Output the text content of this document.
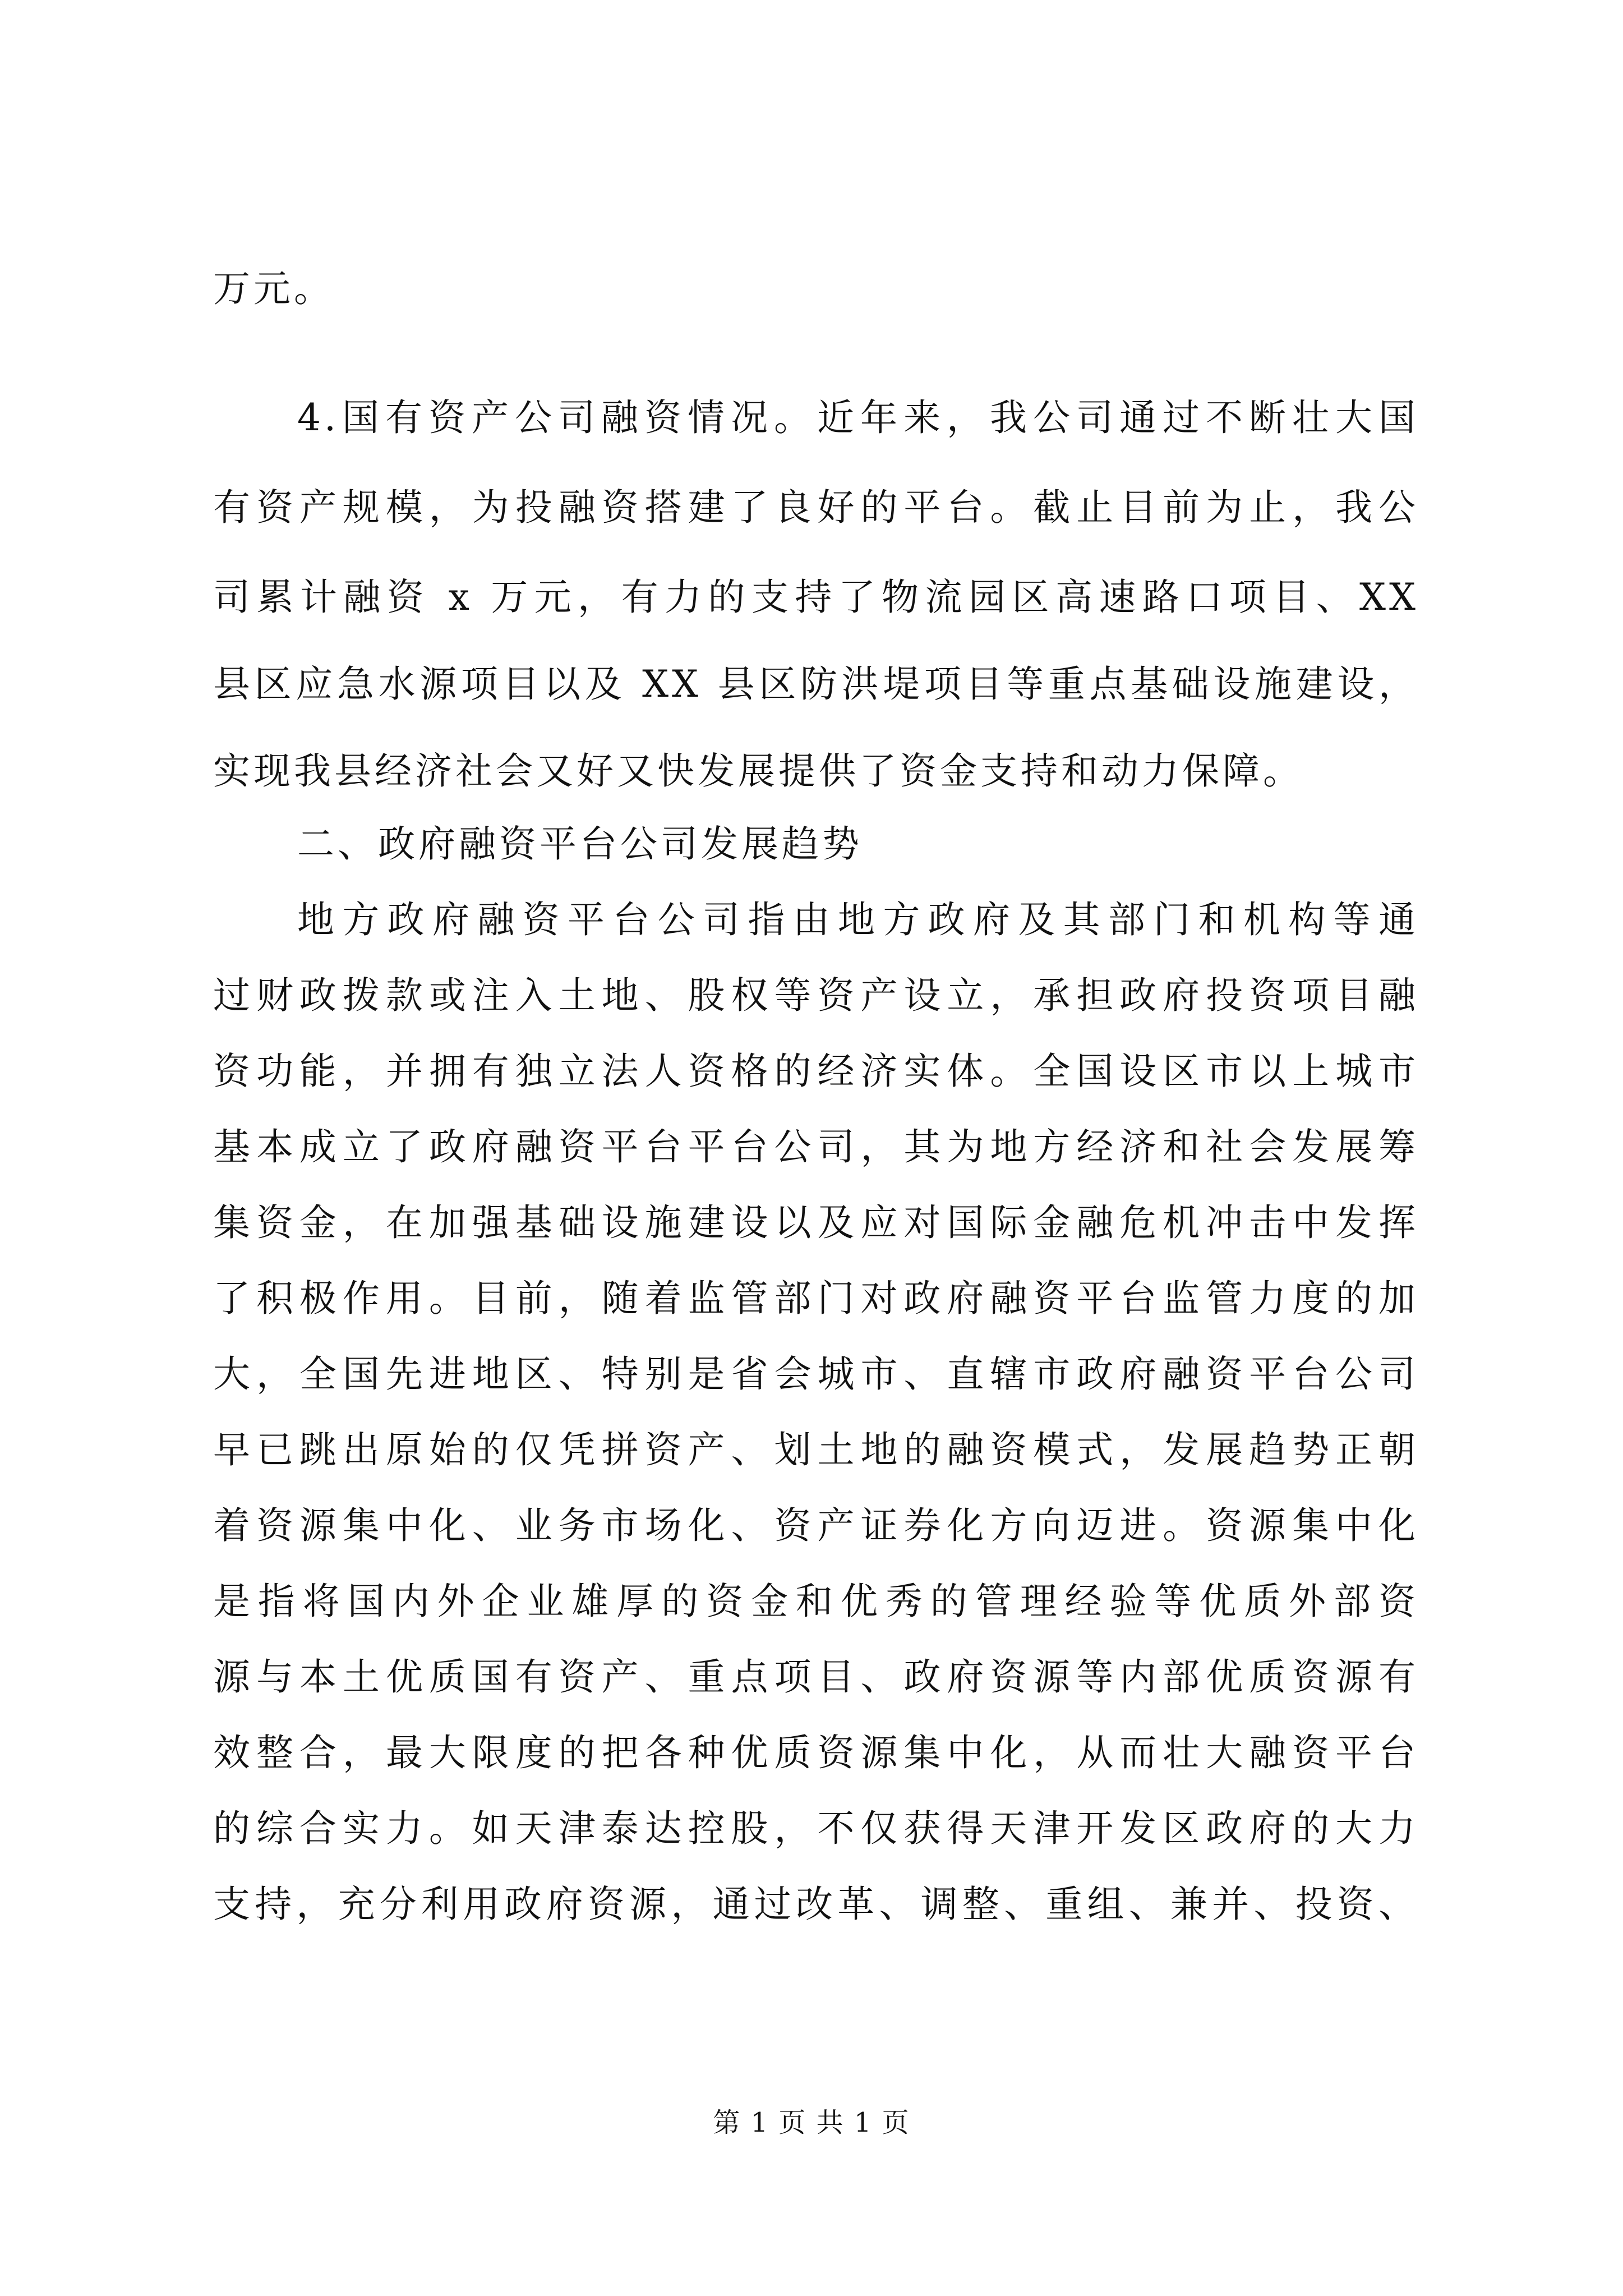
万元。
4.国有资产公司融资情况。近年来，我公司通过不断壮大国
有资产规模，为投融资搭建了良好的平台。截止目前为止，我公
司累计融资 x 万元，有力的支持了物流园区高速路口项目、XX
县区应急水源项目以及 XX 县区防洪堤项目等重点基础设施建设，
实现我县经济社会又好又快发展提供了资金支持和动力保障。
二、政府融资平台公司发展趋势
地方政府融资平台公司指由地方政府及其部门和机构等通
过财政拨款或注入土地、股权等资产设立，承担政府投资项目融
资功能，并拥有独立法人资格的经济实体。全国设区市以上城市
基本成立了政府融资平台平台公司，其为地方经济和社会发展筹
集资金，在加强基础设施建设以及应对国际金融危机冲击中发挥
了积极作用。目前，随着监管部门对政府融资平台监管力度的加
大，全国先进地区、特别是省会城市、直辖市政府融资平台公司
早已跳出原始的仅凭拼资产、划土地的融资模式，发展趋势正朝
着资源集中化、业务市场化、资产证券化方向迈进。资源集中化
是指将国内外企业雄厚的资金和优秀的管理经验等优质外部资
源与本土优质国有资产、重点项目、政府资源等内部优质资源有
效整合，最大限度的把各种优质资源集中化，从而壮大融资平台
的综合实力。如天津泰达控股，不仅获得天津开发区政府的大力
支持，充分利用政府资源，通过改革、调整、重组、兼并、投资、
第 1 页 共 1 页
